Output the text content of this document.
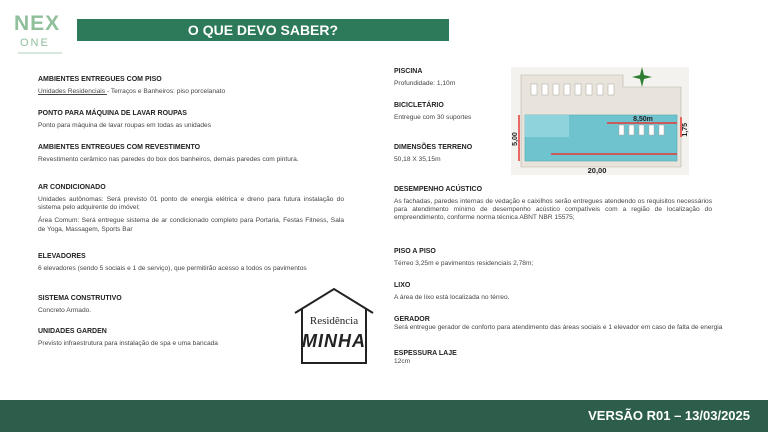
NEX
ONE
O QUE DEVO SABER?
AMBIENTES ENTREGUES COM PISO
Unidades Residenciais - Terraços e Banheiros: piso porcelanato
PONTO PARA MÁQUINA DE LAVAR ROUPAS
Ponto para máquina de lavar roupas em todas as unidades
AMBIENTES ENTREGUES COM REVESTIMENTO
Revestimento cerâmico nas paredes do box dos banheiros, demais paredes com pintura.
AR CONDICIONADO
Unidades autônomas: Será previsto 01 ponto de energia elétrica e dreno para futura instalação do sistema pelo adquirente do imóvel;
Área Comum: Será entregue sistema de ar condicionado completo para Portaria, Festas Fitness, Sala de Yoga, Massagem, Sports Bar
ELEVADORES
6 elevadores (sendo 5 sociais e 1 de serviço), que permitirão acesso a todos os pavimentos
SISTEMA CONSTRUTIVO
Concreto Armado.
UNIDADES GARDEN
Previsto infraestrutura para instalação de spa e uma bancada
PISCINA
Profundidade: 1,10m
BICICLETÁRIO
Entregue com 30 suportes
DIMENSÕES TERRENO
50,18 X 35,15m
DESEMPENHO ACÚSTICO
As fachadas, paredes internas de vedação e caixilhos serão entregues atendendo os requisitos necessários para atendimento mínimo de desempenho acústico compatíveis com a região de localização do empreendimento, conforme norma técnica ABNT NBR 15575;
PISO A PISO
Térreo 3,25m e pavimentos residenciais 2,78m;
LIXO
A área de lixo está localizada no térreo.
GERADOR
Será entregue gerador de conforto para atendimento das áreas sociais e 1 elevador em caso de falta de energia
ESPESSURA LAJE
12cm
8,50m
1,75
5,00
20,00
Residência
MINHA
VERSÃO R01 – 13/03/2025
